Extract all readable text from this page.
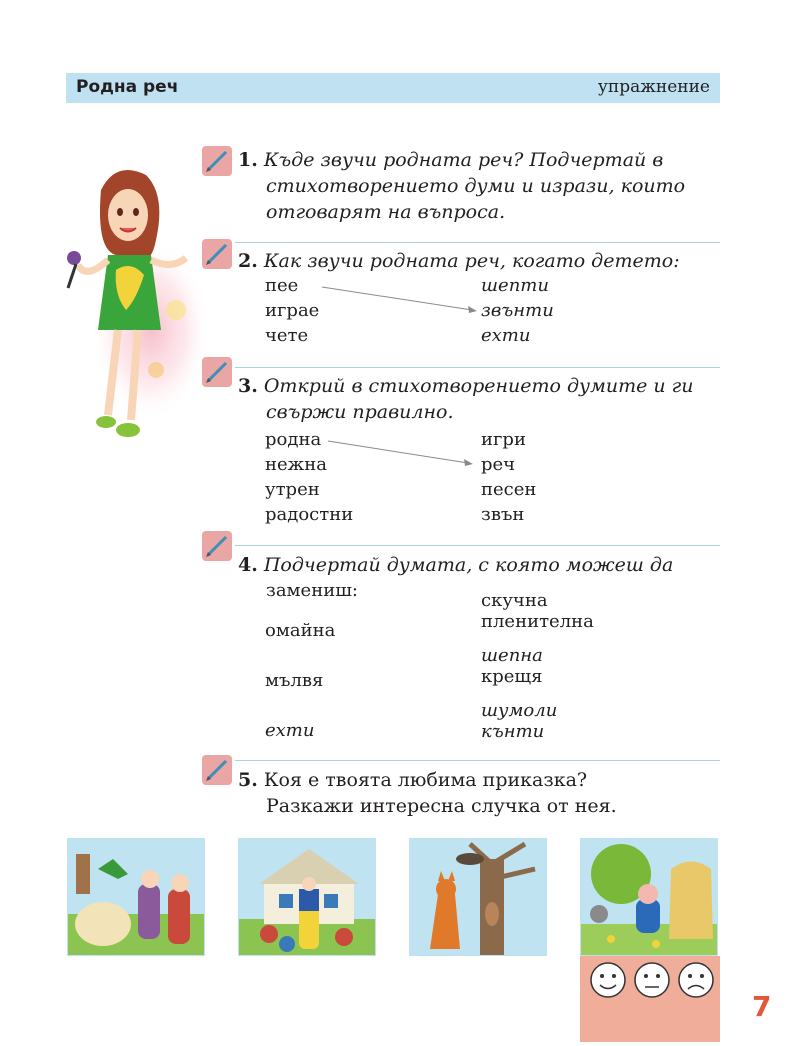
Родна реч	упражнение
1. Къде звучи родната реч? Подчертай в
стихотворението думи и изрази, които
отговарят на въпроса.
2. Как звучи родната реч, когато детето:
пее
играе
чете
шепти
звънти
ехти
3. Открий в стихотворението думите и ги
свържи правилно.
родна
нежна
утрен
радостни
игри
реч
песен
звън
4. Подчертай думата, с която можеш да
замениш:
омайна
мълвя
ехти
скучна
пленителна
шепна
крещя
шумоли
кънти
5. Коя е твоята любима приказка?
Разкажи интересна случка от нея.
7
